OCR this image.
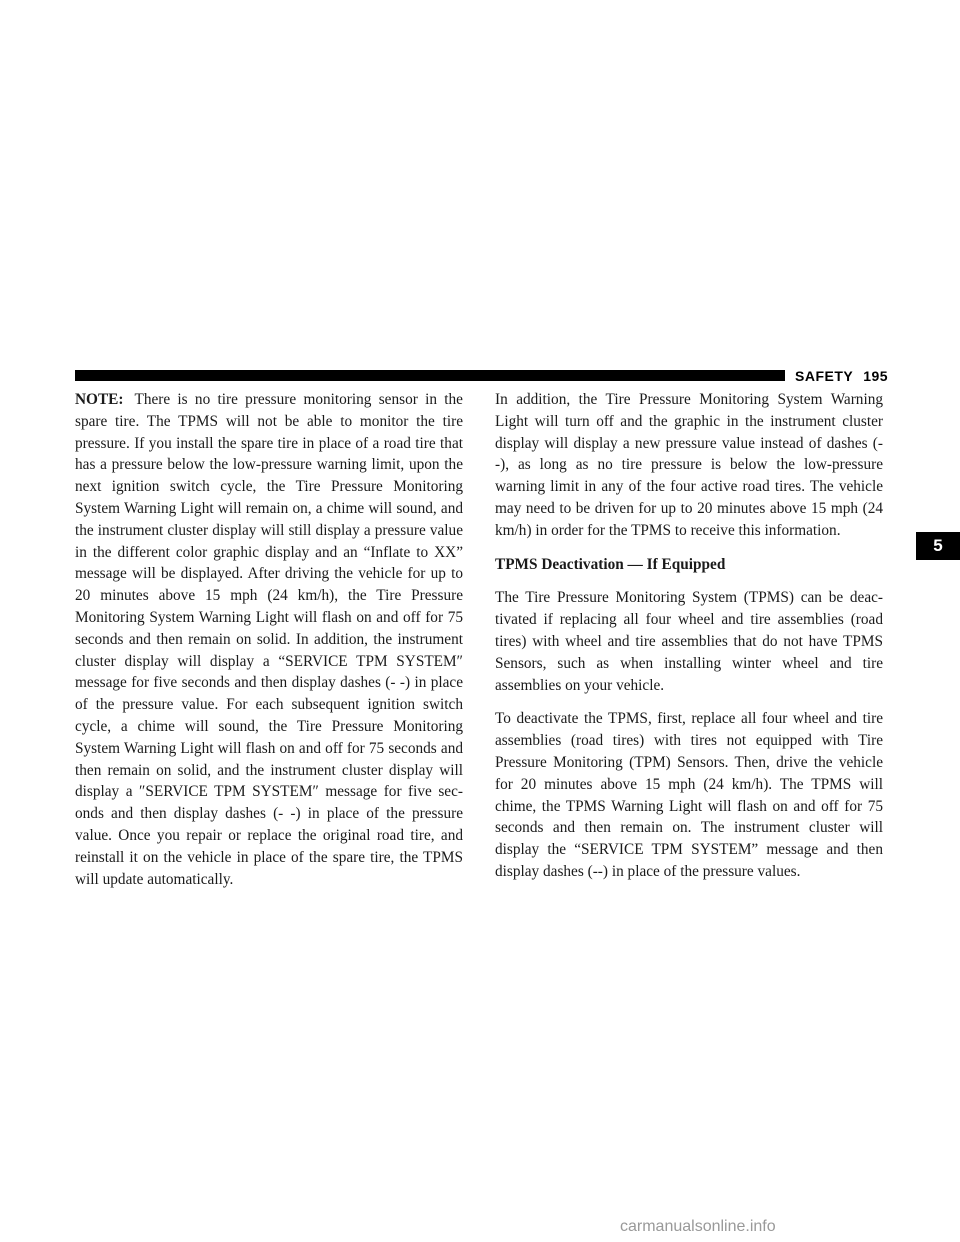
SAFETY 195
5

NOTE: There is no tire pressure monitoring sensor in the spare tire. The TPMS will not be able to monitor the tire pressure. If you install the spare tire in place of a road tire that has a pressure below the low-pressure warning limit, upon the next ignition switch cycle, the Tire Pressure Monitoring System Warning Light will remain on, a chime will sound, and the instrument cluster display will still display a pressure value in the different color graphic display and an “Inflate to XX” message will be displayed. After driving the vehicle for up to 20 minutes above 15 mph (24 km/h), the Tire Pressure Monitoring System Warning Light will flash on and off for 75 seconds and then remain on solid. In addition, the instrument cluster display will display a “SERVICE TPM SYSTEM″ message for five seconds and then display dashes (- -) in place of the pressure value. For each subsequent ignition switch cycle, a chime will sound, the Tire Pressure Monitoring System Warning Light will flash on and off for 75 seconds and then remain on solid, and the instrument cluster display will display a ″SERVICE TPM SYSTEM″ message for five sec-onds and then display dashes (- -) in place of the pressure value. Once you repair or replace the original road tire, and reinstall it on the vehicle in place of the spare tire, the TPMS will update automatically.

In addition, the Tire Pressure Monitoring System Warning Light will turn off and the graphic in the instrument cluster display will display a new pressure value instead of dashes (- -), as long as no tire pressure is below the low-pressure warning limit in any of the four active road tires. The vehicle may need to be driven for up to 20 minutes above 15 mph (24 km/h) in order for the TPMS to receive this information.

TPMS Deactivation — If Equipped

The Tire Pressure Monitoring System (TPMS) can be deac-tivated if replacing all four wheel and tire assemblies (road tires) with wheel and tire assemblies that do not have TPMS Sensors, such as when installing winter wheel and tire assemblies on your vehicle.

To deactivate the TPMS, first, replace all four wheel and tire assemblies (road tires) with tires not equipped with Tire Pressure Monitoring (TPM) Sensors. Then, drive the vehicle for 20 minutes above 15 mph (24 km/h). The TPMS will chime, the TPMS Warning Light will flash on and off for 75 seconds and then remain on. The instrument cluster will display the “SERVICE TPM SYSTEM” message and then display dashes (--) in place of the pressure values.

carmanualsonline.info
